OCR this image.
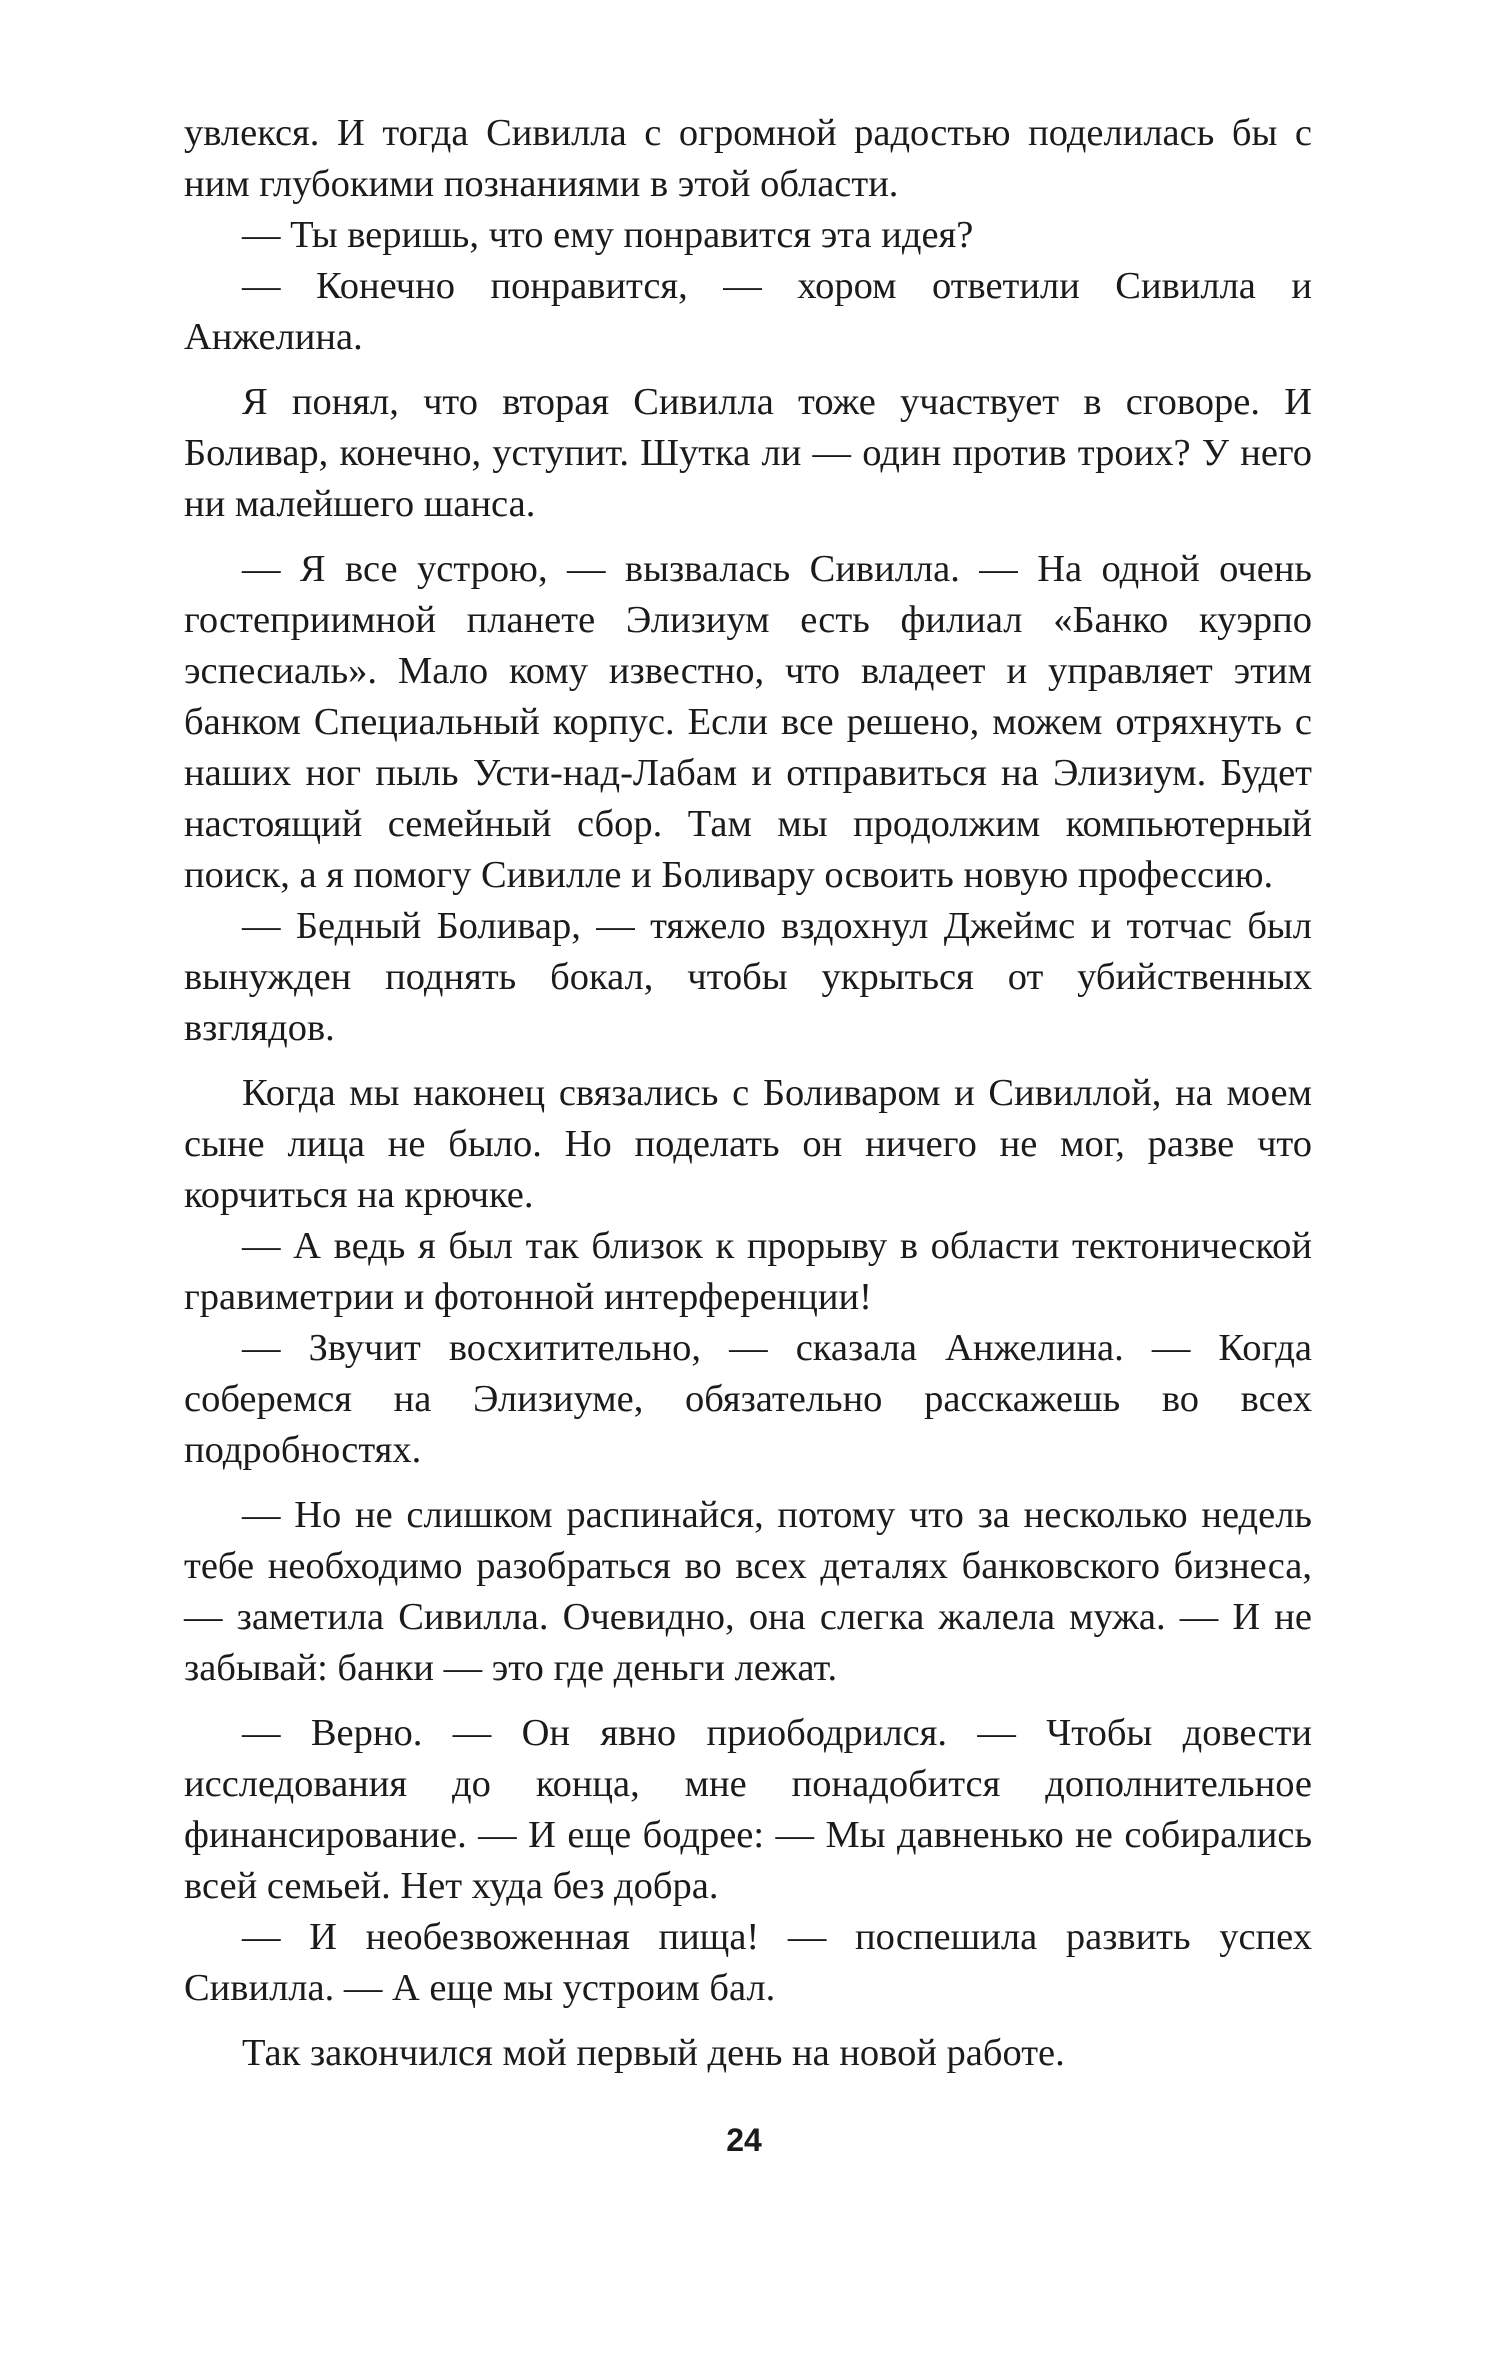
увлекся. И тогда Сивилла с огромной радостью поделилась бы с ним глубокими познаниями в этой области.

— Ты веришь, что ему понравится эта идея?

— Конечно понравится, — хором ответили Сивилла и Анжелина.

Я понял, что вторая Сивилла тоже участвует в сговоре. И Боливар, конечно, уступит. Шутка ли — один против троих? У него ни малейшего шанса.

— Я все устрою, — вызвалась Сивилла. — На одной очень гостеприимной планете Элизиум есть филиал «Банко куэрпо эспесиаль». Мало кому известно, что владеет и управляет этим банком Специальный корпус. Если все решено, можем отряхнуть с наших ног пыль Усти-над-Лабам и отправиться на Элизиум. Будет настоящий семейный сбор. Там мы продолжим компьютерный поиск, а я помогу Сивилле и Боливару освоить новую профессию.

— Бедный Боливар, — тяжело вздохнул Джеймс и тотчас был вынужден поднять бокал, чтобы укрыться от убийственных взглядов.

Когда мы наконец связались с Боливаром и Сивиллой, на моем сыне лица не было. Но поделать он ничего не мог, разве что корчиться на крючке.

— А ведь я был так близок к прорыву в области тектонической гравиметрии и фотонной интерференции!

— Звучит восхитительно, — сказала Анжелина. — Когда соберемся на Элизиуме, обязательно расскажешь во всех подробностях.

— Но не слишком распинайся, потому что за несколько недель тебе необходимо разобраться во всех деталях банковского бизнеса, — заметила Сивилла. Очевидно, она слегка жалела мужа. — И не забывай: банки — это где деньги лежат.

— Верно. — Он явно приободрился. — Чтобы довести исследования до конца, мне понадобится дополнительное финансирование. — И еще бодрее: — Мы давненько не собирались всей семьей. Нет худа без добра.

— И необезвоженная пища! — поспешила развить успех Сивилла. — А еще мы устроим бал.

Так закончился мой первый день на новой работе.

24
